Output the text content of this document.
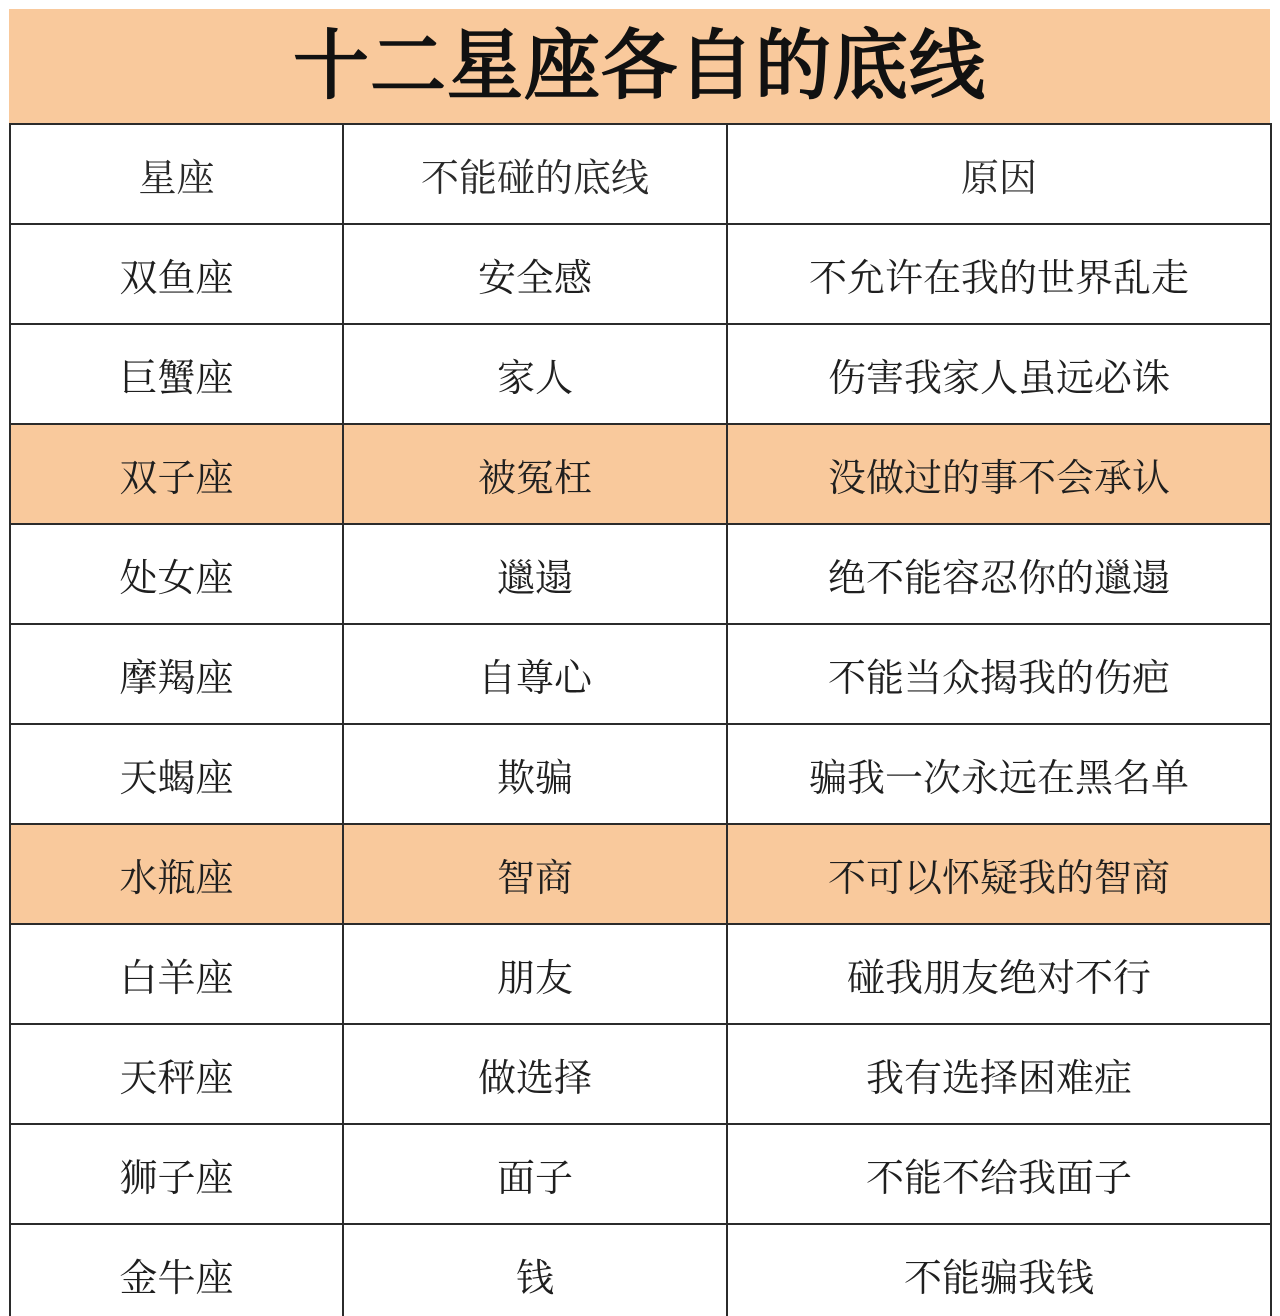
十二星座各自的底线
星座	不能碰的底线	原因
双鱼座	安全感	不允许在我的世界乱走
巨蟹座	家人	伤害我家人虽远必诛
双子座	被冤枉	没做过的事不会承认
处女座	邋遢	绝不能容忍你的邋遢
摩羯座	自尊心	不能当众揭我的伤疤
天蝎座	欺骗	骗我一次永远在黑名单
水瓶座	智商	不可以怀疑我的智商
白羊座	朋友	碰我朋友绝对不行
天秤座	做选择	我有选择困难症
狮子座	面子	不能不给我面子
金牛座	钱	不能骗我钱
